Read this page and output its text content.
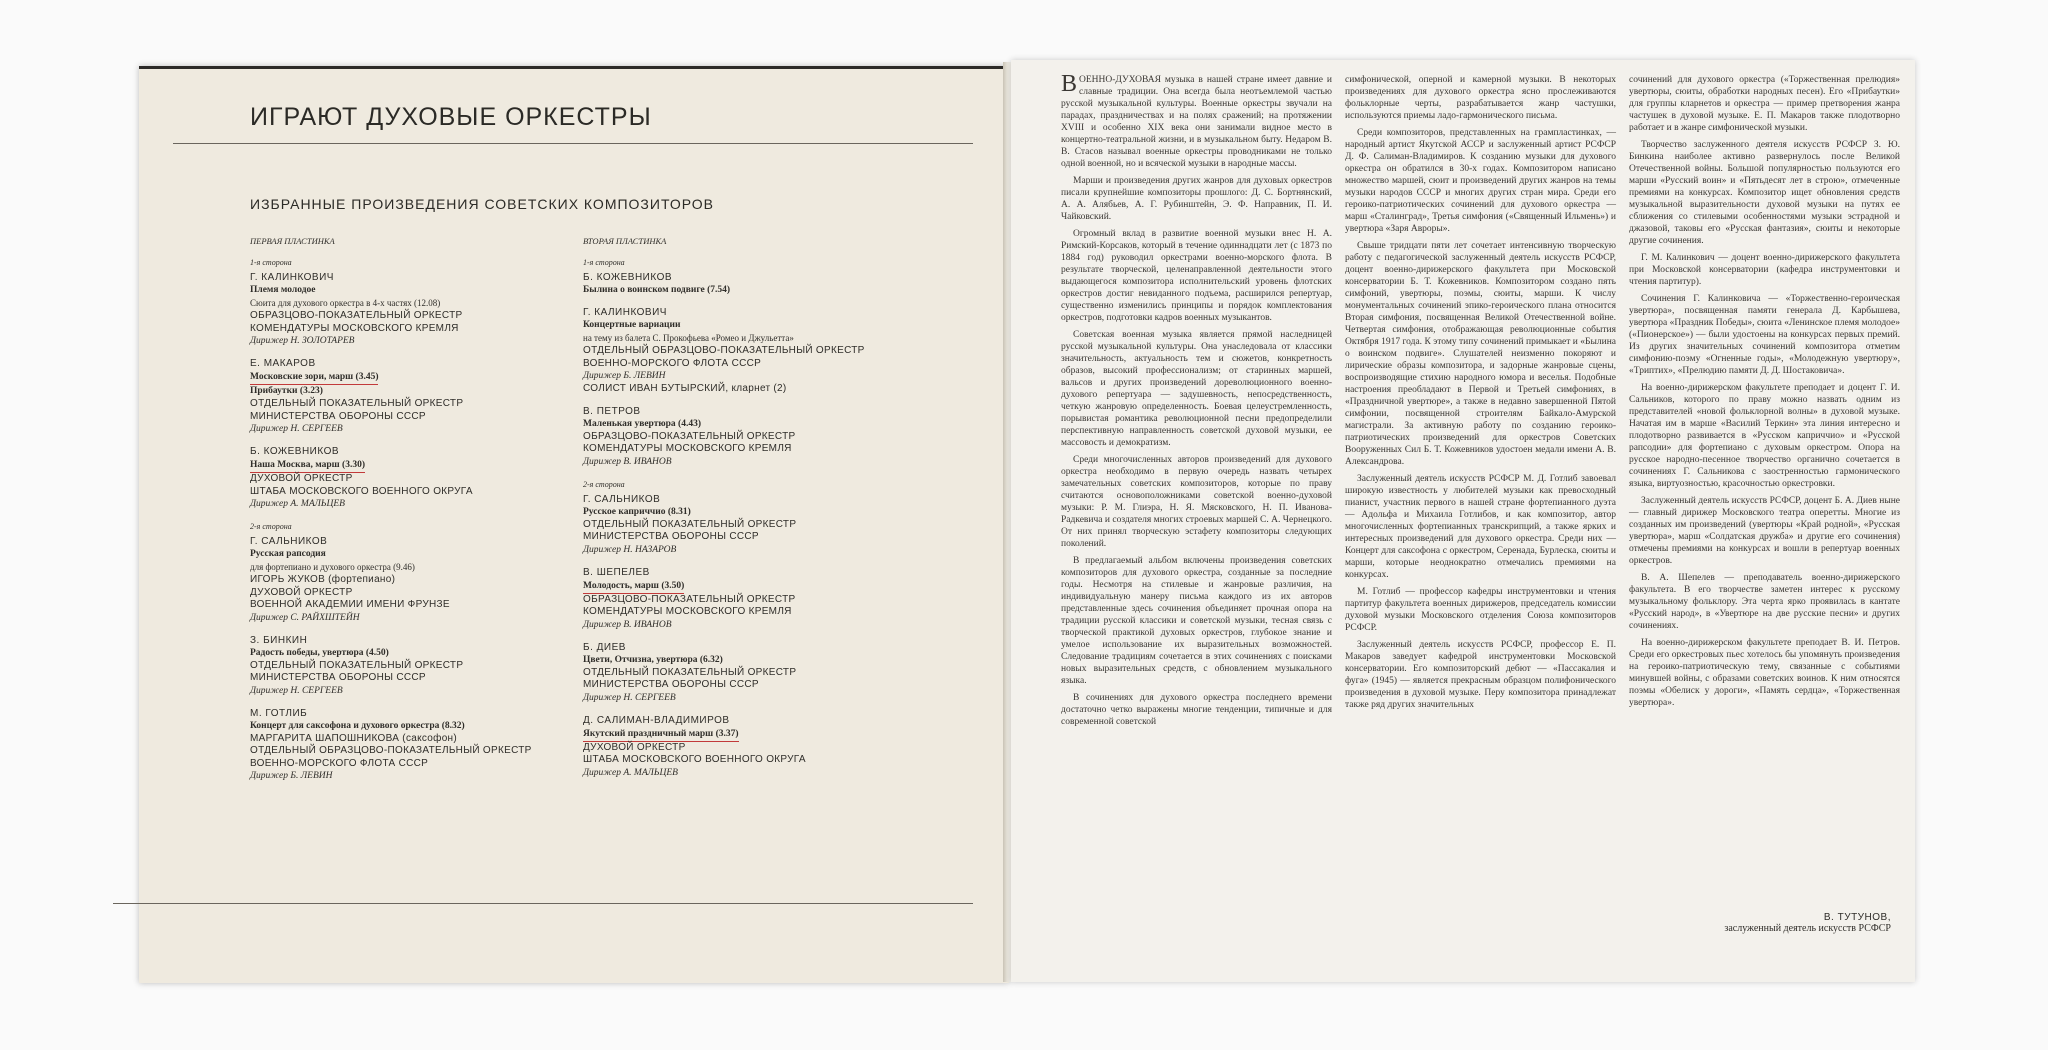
ИГРАЮТ ДУХОВЫЕ ОРКЕСТРЫ
ИЗБРАННЫЕ ПРОИЗВЕДЕНИЯ СОВЕТСКИХ КОМПОЗИТОРОВ
ПЕРВАЯ ПЛАСТИНКА
1-я сторона
Г. КАЛИНКОВИЧ
Племя молодое
Сюита для духового оркестра в 4-х частях (12.08)
ОБРАЗЦОВО-ПОКАЗАТЕЛЬНЫЙ ОРКЕСТР
КОМЕНДАТУРЫ МОСКОВСКОГО КРЕМЛЯ
Дирижер Н. ЗОЛОТАРЕВ
Е. МАКАРОВ
Московские зори, марш (3.45)
Прибаутки (3.23)
ОТДЕЛЬНЫЙ ПОКАЗАТЕЛЬНЫЙ ОРКЕСТР
МИНИСТЕРСТВА ОБОРОНЫ СССР
Дирижер Н. СЕРГЕЕВ
Б. КОЖЕВНИКОВ
Наша Москва, марш (3.30)
ДУХОВОЙ ОРКЕСТР
ШТАБА МОСКОВСКОГО ВОЕННОГО ОКРУГА
Дирижер А. МАЛЬЦЕВ
2-я сторона
Г. САЛЬНИКОВ
Русская рапсодия
для фортепиано и духового оркестра (9.46)
ИГОРЬ ЖУКОВ (фортепиано)
ДУХОВОЙ ОРКЕСТР
ВОЕННОЙ АКАДЕМИИ ИМЕНИ ФРУНЗЕ
Дирижер С. РАЙХШТЕЙН
З. БИНКИН
Радость победы, увертюра (4.50)
ОТДЕЛЬНЫЙ ПОКАЗАТЕЛЬНЫЙ ОРКЕСТР
МИНИСТЕРСТВА ОБОРОНЫ СССР
Дирижер Н. СЕРГЕЕВ
М. ГОТЛИБ
Концерт для саксофона и духового оркестра (8.32)
МАРГАРИТА ШАПОШНИКОВА (саксофон)
ОТДЕЛЬНЫЙ ОБРАЗЦОВО-ПОКАЗАТЕЛЬНЫЙ ОРКЕСТР
ВОЕННО-МОРСКОГО ФЛОТА СССР
Дирижер Б. ЛЕВИН
ВТОРАЯ ПЛАСТИНКА
1-я сторона
Б. КОЖЕВНИКОВ
Былина о воинском подвиге (7.54)
Г. КАЛИНКОВИЧ
Концертные вариации
на тему из балета С. Прокофьева «Ромео и Джульетта»
ОТДЕЛЬНЫЙ ОБРАЗЦОВО-ПОКАЗАТЕЛЬНЫЙ ОРКЕСТР
ВОЕННО-МОРСКОГО ФЛОТА СССР
Дирижер Б. ЛЕВИН
СОЛИСТ ИВАН БУТЫРСКИЙ, кларнет (2)
В. ПЕТРОВ
Маленькая увертюра (4.43)
ОБРАЗЦОВО-ПОКАЗАТЕЛЬНЫЙ ОРКЕСТР
КОМЕНДАТУРЫ МОСКОВСКОГО КРЕМЛЯ
Дирижер В. ИВАНОВ
2-я сторона
Г. САЛЬНИКОВ
Русское каприччио (8.31)
ОТДЕЛЬНЫЙ ПОКАЗАТЕЛЬНЫЙ ОРКЕСТР
МИНИСТЕРСТВА ОБОРОНЫ СССР
Дирижер Н. НАЗАРОВ
В. ШЕПЕЛЕВ
Молодость, марш (3.50)
ОБРАЗЦОВО-ПОКАЗАТЕЛЬНЫЙ ОРКЕСТР
КОМЕНДАТУРЫ МОСКОВСКОГО КРЕМЛЯ
Дирижер В. ИВАНОВ
Б. ДИЕВ
Цвети, Отчизна, увертюра (6.32)
ОТДЕЛЬНЫЙ ПОКАЗАТЕЛЬНЫЙ ОРКЕСТР
МИНИСТЕРСТВА ОБОРОНЫ СССР
Дирижер Н. СЕРГЕЕВ
Д. САЛИМАН-ВЛАДИМИРОВ
Якутский праздничный марш (3.37)
ДУХОВОЙ ОРКЕСТР
ШТАБА МОСКОВСКОГО ВОЕННОГО ОКРУГА
Дирижер А. МАЛЬЦЕВ

ВОЕННО-ДУХОВАЯ музыка в нашей стране имеет давние и славные традиции. Она всегда была неотъемлемой частью русской музыкальной культуры. Военные оркестры звучали на парадах, праздничествах и на полях сражений; на протяжении XVIII и особенно XIX века они занимали видное место в концертно-театральной жизни, и в музыкальном быту. Недаром В. В. Стасов называл военные оркестры проводниками не только одной военной, но и всячеcкой музыки в народные массы.

Марши и произведения других жанров для духовых оркестров писали крупнейшие композиторы прошлого: Д. С. Бортнянский, А. А. Алябьев, А. Г. Рубинштейн, Э. Ф. Направник, П. И. Чайковский.

Огромный вклад в развитие военной музыки внес Н. А. Римский-Корсаков, который в течение одиннадцати лет (с 1873 по 1884 год) руководил оркестрами военно-морского флота. В результате творческой, целенаправленной деятельности этого выдающегося композитора исполнительский уровень флотских оркестров достиг невиданного подъема, расширился репертуар, существенно изменились принципы и порядок комплектования оркестров, подготовки кадров военных музыкантов.

Советская военная музыка является прямой наследницей русской музыкальной культуры. Она унаследовала от классики значительность, актуальность тем и сюжетов, конкретность образов, высокий профессионализм; от старинных маршей, вальсов и других произведений дореволюционного военно-духового репертуара — задушевность, непосредственность, четкую жанровую определенность. Боевая целеустремленность, порывистая романтика революционной песни предопределили перспективную направленность советской духовой музыки, ее массовость и демократизм.

Среди многочисленных авторов произведений для духового оркестра необходимо в первую очередь назвать четырех замечательных советских композиторов, которые по праву считаются основоположниками советской военно-духовой музыки: Р. М. Глиэра, Н. Я. Мясковского, Н. П. Иванова-Радкевича и создателя многих строевых маршей С. А. Чернецкого. От них принял творческую эстафету композиторы следующих поколений.

В предлагаемый альбом включены произведения советских композиторов для духового оркестра, созданные за последние годы. Несмотря на стилевые и жанровые различия, на индивидуальную манеру письма каждого из их авторов представленные здесь сочинения объединяет прочная опора на традиции русской классики и советской музыки, тесная связь с творческой практикой духовых оркестров, глубокое знание и умелое использование их выразительных возможностей. Следование традициям сочетается в этих сочинениях с поисками новых выразительных средств, с обновлением музыкального языка.

В сочинениях для духового оркестра последнего времени достаточно четко выражены многие тенденции, типичные и для современной советской

симфонической, оперной и камерной музыки. В некоторых произведениях для духового оркестра ясно прослеживаются фольклорные черты, разрабатывается жанр частушки, используются приемы ладо-гармонического письма.

Среди композиторов, представленных на грампластинках, — народный артист Якутской АССР и заслуженный артист РСФСР Д. Ф. Салиман-Владимиров. К созданию музыки для духового оркестра он обратился в 30-х годах. Композитором написано множество маршей, сюит и произведений других жанров на темы музыки народов СССР и многих других стран мира. Среди его героико-патриотических сочинений для духового оркестра — марш «Сталинград», Третья симфония («Священный Ильмень») и увертюра «Заря Авроры».

Свыше тридцати пяти лет сочетает интенсивную творческую работу с педагогической заслуженный деятель искусств РСФСР, доцент военно-дирижерского факультета при Московской консерватории Б. Т. Кожевников. Композитором создано пять симфоний, увертюры, поэмы, сюиты, марши. К числу монументальных сочинений эпико-героического плана относится Вторая симфония, посвященная Великой Отечественной войне. Четвертая симфония, отображающая революционные события Октября 1917 года. К этому типу сочинений примыкает и «Былина о воинском подвиге». Слушателей неизменно покоряют и лирические образы композитора, и задорные жанровые сцены, воспроизводящие стихию народного юмора и веселья. Подобные настроения преобладают в Первой и Третьей симфониях, в «Праздничной увертюре», а также в недавно завершенной Пятой симфонии, посвященной строителям Байкало-Амурской магистрали. За активную работу по созданию героико-патриотических произведений для оркестров Советских Вооруженных Сил Б. Т. Кожевников удостоен медали имени А. В. Александрова.

Заслуженный деятель искусств РСФСР М. Д. Готлиб завоевал широкую известность у любителей музыки как превосходный пианист, участник первого в нашей стране фортепианного дуэта — Адольфа и Михаила Готлибов, и как композитор, автор многочисленных фортепианных транскрипций, а также ярких и интересных произведений для духового оркестра. Среди них — Концерт для саксофона с оркестром, Серенада, Бурлеска, сюиты и марши, которые неоднократно отмечались премиями на конкурсах.

М. Готлиб — профессор кафедры инструментовки и чтения партитур факультета военных дирижеров, председатель комиссии духовой музыки Московского отделения Союза композиторов РСФСР.

Заслуженный деятель искусств РСФСР, профессор Е. П. Макаров заведует кафедрой инструментовки Московской консерватории. Его композиторский дебют — «Пассакалия и фуга» (1945) — является прекрасным образцом полифонического произведения в духовой музыке. Перу композитора принадлежат также ряд других значительных

сочинений для духового оркестра («Торжественная прелюдия» увертюры, сюиты, обработки народных песен). Его «Прибаутки» для группы кларнетов и оркестра — пример претворения жанра частушек в духовой музыке. Е. П. Макаров также плодотворно работает и в жанре симфонической музыки.

Творчество заслуженного деятеля искусств РСФСР З. Ю. Бинкина наиболее активно развернулось после Великой Отечественной войны. Большой популярностью пользуются его марши «Русский воин» и «Пятьдесят лет в строю», отмеченные премиями на конкурсах. Композитор ищет обновления средств музыкальной выразительности духовой музыки на путях ее сближения со стилевыми особенностями музыки эстрадной и джазовой, таковы его «Русская фантазия», сюиты и некоторые другие сочинения.

Г. М. Калинкович — доцент военно-дирижерского факультета при Московской консерватории (кафедра инструментовки и чтения партитур).

Сочинения Г. Калинковича — «Торжественно-героическая увертюра», посвященная памяти генерала Д. Карбышева, увертюра «Праздник Победы», сюита «Ленинское племя молодое» («Пионерское») — были удостоены на конкурсах первых премий. Из других значительных сочинений композитора отметим симфонию-поэму «Огненные годы», «Молодежную увертюру», «Триптих», «Прелюдию памяти Д. Д. Шостаковича».

На военно-дирижерском факультете преподает и доцент Г. И. Сальников, которого по праву можно назвать одним из представителей «новой фольклорной волны» в духовой музыке. Начатая им в марше «Василий Теркин» эта линия интересно и плодотворно развивается в «Русском каприччио» и «Русской рапсодии» для фортепиано с духовым оркестром. Опора на русское народно-песенное творчество органично сочетается в сочинениях Г. Сальникова с заостренностью гармонического языка, виртуозностью, красочностью оркестровки.

Заслуженный деятель искусств РСФСР, доцент Б. А. Диев ныне — главный дирижер Московского театра оперетты. Многие из созданных им произведений (увертюры «Край родной», «Русская увертюра», марш «Солдатская дружба» и другие его сочинения) отмечены премиями на конкурсах и вошли в репертуар военных оркестров.

В. А. Шепелев — преподаватель военно-дирижерского факультета. В его творчестве заметен интерес к русскому музыкальному фольклору. Эта черта ярко проявилась в кантате «Русский народ», в «Увертюре на две русские песни» и других сочинениях.

На военно-дирижерском факультете преподает В. И. Петров. Среди его оркестровых пьес хотелось бы упомянуть произведения на героико-патриотическую тему, связанные с событиями минувшей войны, с образами советских воинов. К ним относятся поэмы «Обелиск у дороги», «Память сердца», «Торжественная увертюра».

В. ТУТУНОВ,
заслуженный деятель искусств РСФСР
